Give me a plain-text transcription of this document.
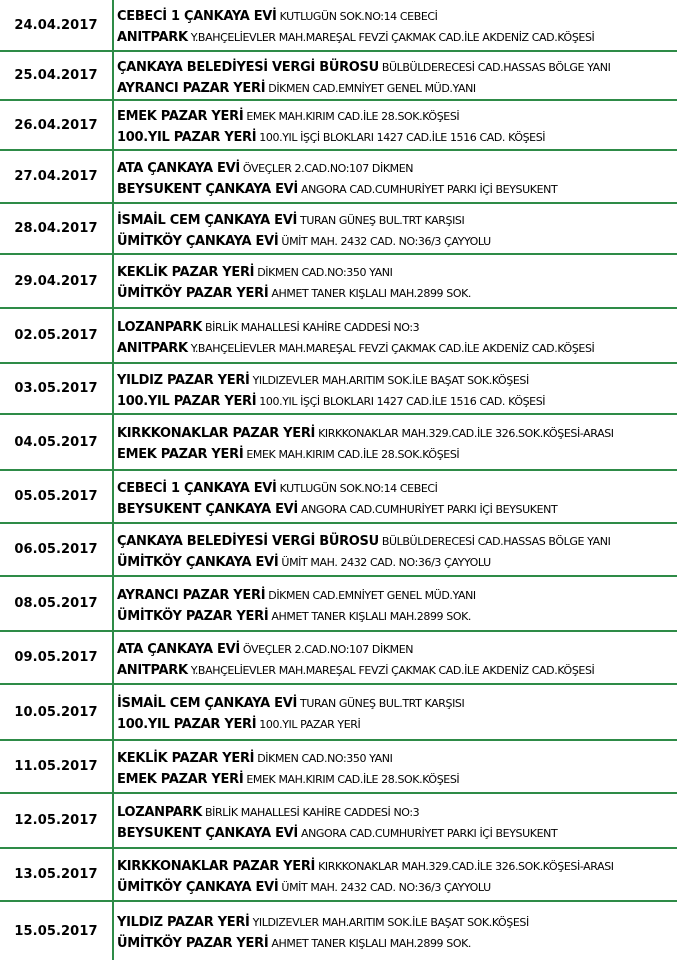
24.04.2017
CEBECİ 1 ÇANKAYA EVİ KUTLUGÜN SOK.NO:14 CEBECİ
ANITPARK Y.BAHÇELİEVLER MAH.MAREŞAL FEVZİ ÇAKMAK CAD.İLE AKDENİZ CAD.KÖŞESİ
25.04.2017
ÇANKAYA BELEDİYESİ VERGİ BÜROSU BÜLBÜLDERECESİ CAD.HASSAS BÖLGE YANI
AYRANCI PAZAR YERİ DİKMEN CAD.EMNİYET GENEL MÜD.YANI
26.04.2017
EMEK PAZAR YERİ EMEK MAH.KIRIM CAD.İLE 28.SOK.KÖŞESİ
100.YIL PAZAR YERİ 100.YIL İŞÇİ BLOKLARI 1427 CAD.İLE 1516 CAD. KÖŞESİ
27.04.2017
ATA ÇANKAYA EVİ ÖVEÇLER 2.CAD.NO:107 DİKMEN
BEYSUKENT ÇANKAYA EVİ ANGORA CAD.CUMHURİYET PARKI İÇİ BEYSUKENT
28.04.2017
İSMAİL CEM ÇANKAYA EVİ TURAN GÜNEŞ BUL.TRT KARŞISI
ÜMİTKÖY ÇANKAYA EVİ ÜMİT MAH. 2432 CAD. NO:36/3 ÇAYYOLU
29.04.2017
KEKLİK PAZAR YERİ DİKMEN CAD.NO:350 YANI
ÜMİTKÖY PAZAR YERİ AHMET TANER KIŞLALI MAH.2899 SOK.
02.05.2017
LOZANPARK BİRLİK MAHALLESİ KAHİRE CADDESİ NO:3
ANITPARK Y.BAHÇELİEVLER MAH.MAREŞAL FEVZİ ÇAKMAK CAD.İLE AKDENİZ CAD.KÖŞESİ
03.05.2017
YILDIZ PAZAR YERİ YILDIZEVLER MAH.ARITIM SOK.İLE BAŞAT SOK.KÖŞESİ
100.YIL PAZAR YERİ 100.YIL İŞÇİ BLOKLARI 1427 CAD.İLE 1516 CAD. KÖŞESİ
04.05.2017
KIRKKONAKLAR PAZAR YERİ KIRKKONAKLAR MAH.329.CAD.İLE 326.SOK.KÖŞESİ-ARASI
EMEK PAZAR YERİ EMEK MAH.KIRIM CAD.İLE 28.SOK.KÖŞESİ
05.05.2017
CEBECİ 1 ÇANKAYA EVİ KUTLUGÜN SOK.NO:14 CEBECİ
BEYSUKENT ÇANKAYA EVİ ANGORA CAD.CUMHURİYET PARKI İÇİ BEYSUKENT
06.05.2017
ÇANKAYA BELEDİYESİ VERGİ BÜROSU BÜLBÜLDERECESİ CAD.HASSAS BÖLGE YANI
ÜMİTKÖY ÇANKAYA EVİ ÜMİT MAH. 2432 CAD. NO:36/3 ÇAYYOLU
08.05.2017
AYRANCI PAZAR YERİ DİKMEN CAD.EMNİYET GENEL MÜD.YANI
ÜMİTKÖY PAZAR YERİ AHMET TANER KIŞLALI MAH.2899 SOK.
09.05.2017
ATA ÇANKAYA EVİ ÖVEÇLER 2.CAD.NO:107 DİKMEN
ANITPARK Y.BAHÇELİEVLER MAH.MAREŞAL FEVZİ ÇAKMAK CAD.İLE AKDENİZ CAD.KÖŞESİ
10.05.2017
İSMAİL CEM ÇANKAYA EVİ TURAN GÜNEŞ BUL.TRT KARŞISI
100.YIL PAZAR YERİ 100.YIL PAZAR YERİ
11.05.2017
KEKLİK PAZAR YERİ DİKMEN CAD.NO:350 YANI
EMEK PAZAR YERİ EMEK MAH.KIRIM CAD.İLE 28.SOK.KÖŞESİ
12.05.2017
LOZANPARK BİRLİK MAHALLESİ KAHİRE CADDESİ NO:3
BEYSUKENT ÇANKAYA EVİ ANGORA CAD.CUMHURİYET PARKI İÇİ BEYSUKENT
13.05.2017
KIRKKONAKLAR PAZAR YERİ KIRKKONAKLAR MAH.329.CAD.İLE 326.SOK.KÖŞESİ-ARASI
ÜMİTKÖY ÇANKAYA EVİ ÜMİT MAH. 2432 CAD. NO:36/3 ÇAYYOLU
15.05.2017
YILDIZ PAZAR YERİ YILDIZEVLER MAH.ARITIM SOK.İLE BAŞAT SOK.KÖŞESİ
ÜMİTKÖY PAZAR YERİ AHMET TANER KIŞLALI MAH.2899 SOK.
